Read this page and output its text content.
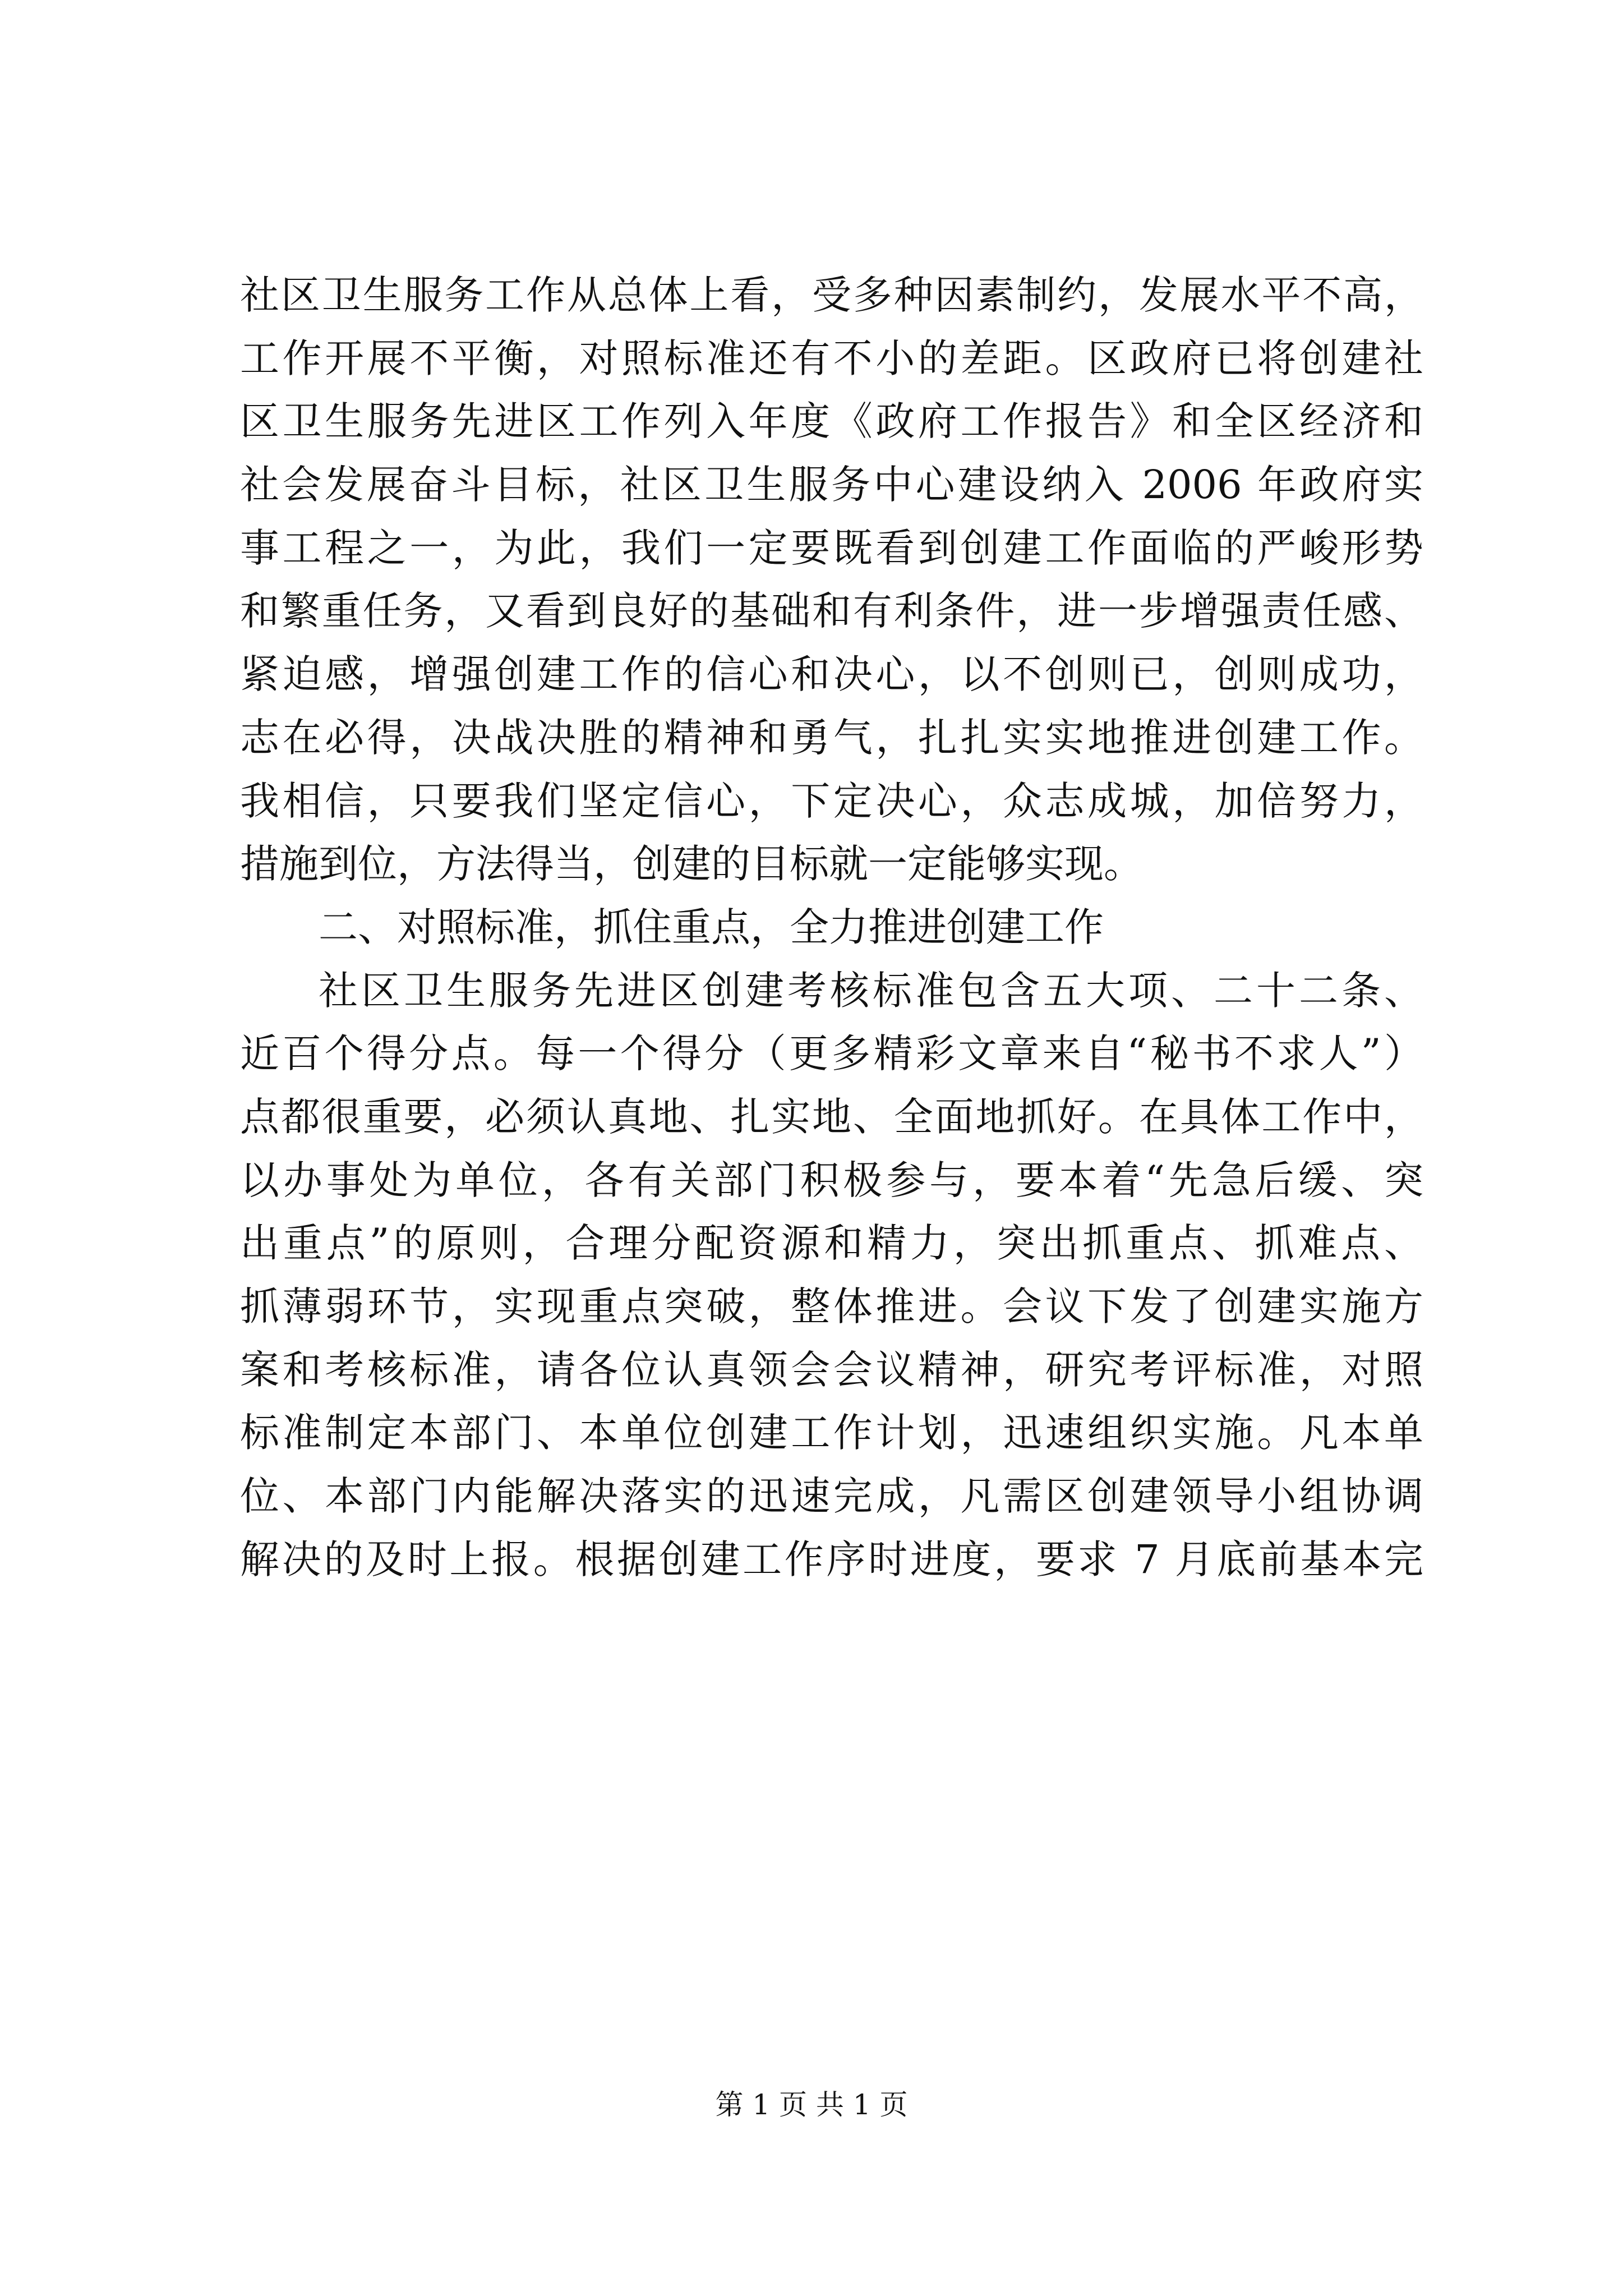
社区卫生服务工作从总体上看，受多种因素制约，发展水平不高，
工作开展不平衡，对照标准还有不小的差距。区政府已将创建社
区卫生服务先进区工作列入年度《政府工作报告》和全区经济和
社会发展奋斗目标，社区卫生服务中心建设纳入 2006 年政府实
事工程之一，为此，我们一定要既看到创建工作面临的严峻形势
和繁重任务，又看到良好的基础和有利条件，进一步增强责任感、
紧迫感，增强创建工作的信心和决心，以不创则已，创则成功，
志在必得，决战决胜的精神和勇气，扎扎实实地推进创建工作。
我相信，只要我们坚定信心，下定决心，众志成城，加倍努力，
措施到位，方法得当，创建的目标就一定能够实现。
二、对照标准，抓住重点，全力推进创建工作
社区卫生服务先进区创建考核标准包含五大项、二十二条、
近百个得分点。每一个得分（更多精彩文章来自“秘书不求人”）
点都很重要，必须认真地、扎实地、全面地抓好。在具体工作中，
以办事处为单位，各有关部门积极参与，要本着“先急后缓、突
出重点”的原则，合理分配资源和精力，突出抓重点、抓难点、
抓薄弱环节，实现重点突破，整体推进。会议下发了创建实施方
案和考核标准，请各位认真领会会议精神，研究考评标准，对照
标准制定本部门、本单位创建工作计划，迅速组织实施。凡本单
位、本部门内能解决落实的迅速完成，凡需区创建领导小组协调
解决的及时上报。根据创建工作序时进度，要求 7 月底前基本完
第 1 页 共 1 页
